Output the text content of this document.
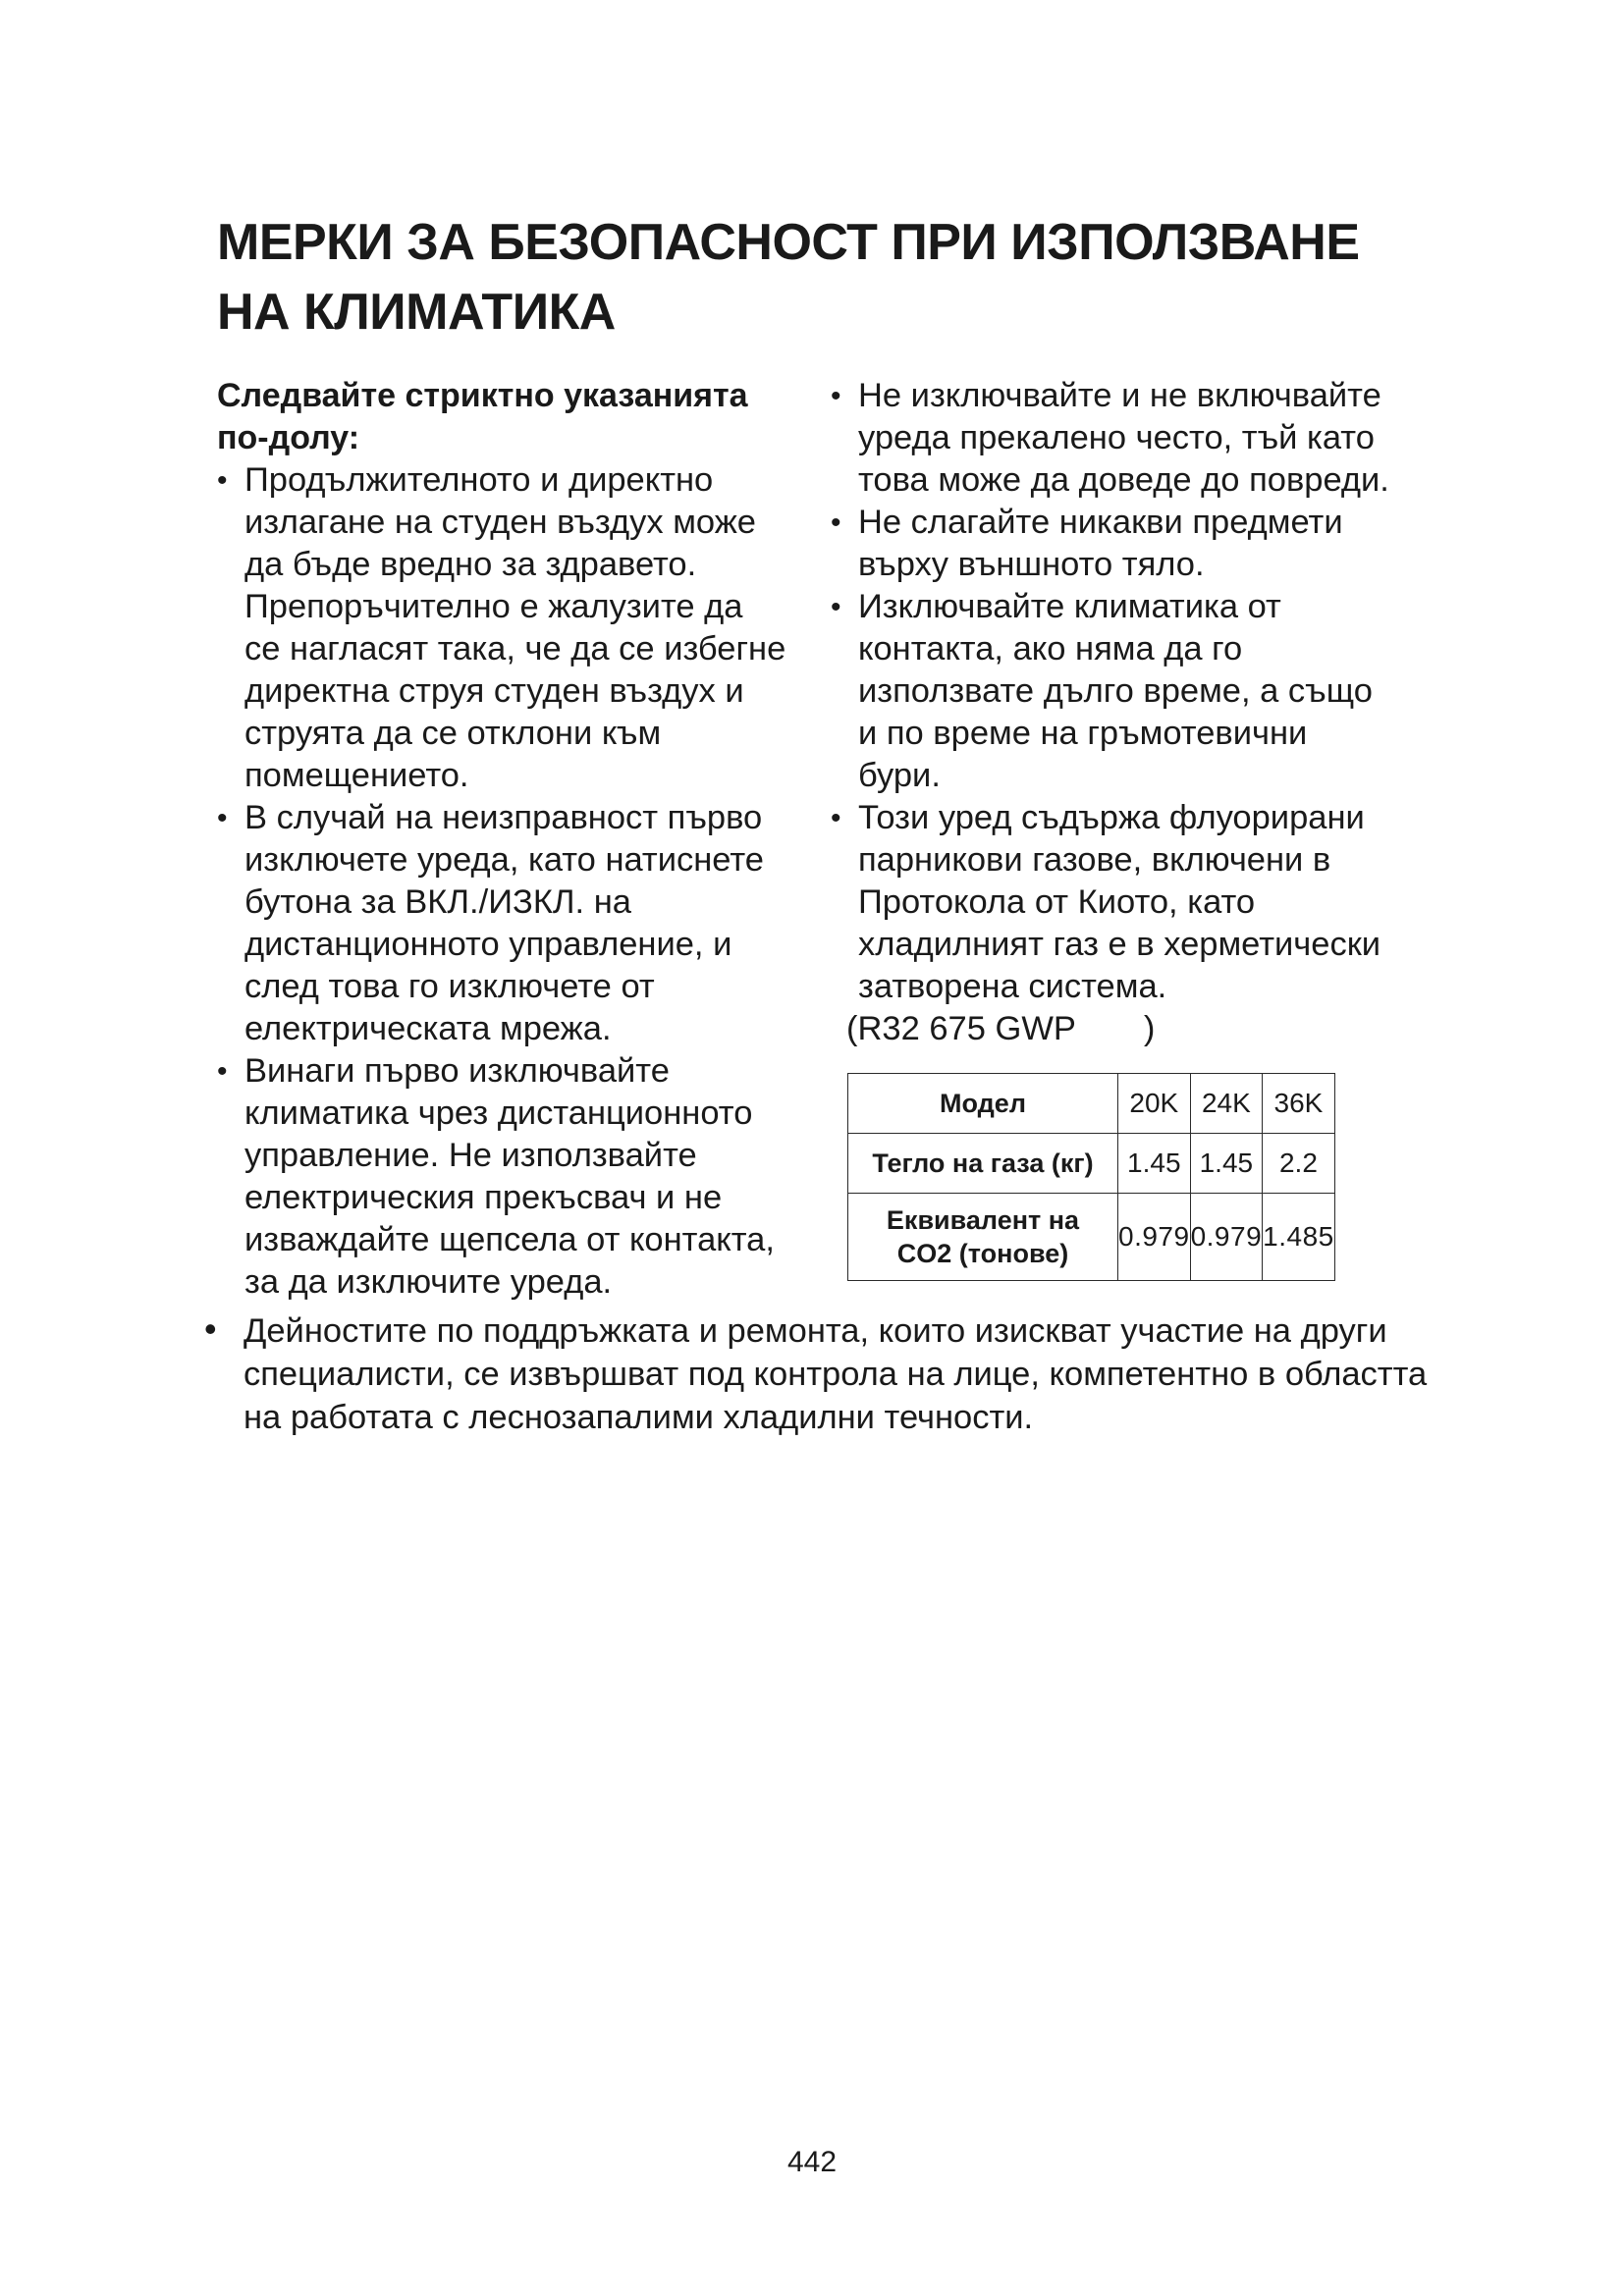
МЕРКИ ЗА БЕЗОПАСНОСТ ПРИ ИЗПОЛЗВАНЕ
НА КЛИМАТИКА
Следвайте стриктно указанията
по-долу:
• Продължителното и директно
излагане на студен въздух може
да бъде вредно за здравето.
Препоръчително е жалузите да
се нагласят така, че да се избегне
директна струя студен въздух и
струята да се отклони към
помещението.
• В случай на неизправност първо
изключете уреда, като натиснете
бутона за ВКЛ./ИЗКЛ. на
дистанционното управление, и
след това го изключете от
електрическата мрежа.
• Винаги първо изключвайте
климатика чрез дистанционното
управление. Не използвайте
електрическия прекъсвач и не
изваждайте щепсела от контакта,
за да изключите уреда.
• Не изключвайте и не включвайте
уреда прекалено често, тъй като
това може да доведе до повреди.
• Не слагайте никакви предмети
върху външното тяло.
• Изключвайте климатика от
контакта, ако няма да го
използвате дълго време, а също
и по време на гръмотевични
бури.
• Този уред съдържа флуорирани
парникови газове, включени в
Протокола от Киото, като
хладилният газ е в херметически
затворена система.
(R32 675 GWP )
Модел	20K	24K	36K
Тегло на газа (кг)	1.45	1.45	2.2

Еквивалент на
CO2 (тонове)	0.979	0.979	1.485
• Дейностите по поддръжката и ремонта, които изискват участие на други
специалисти, се извършват под контрола на лице, компетентно в областта
на работата с леснозапалими хладилни течности.
442
